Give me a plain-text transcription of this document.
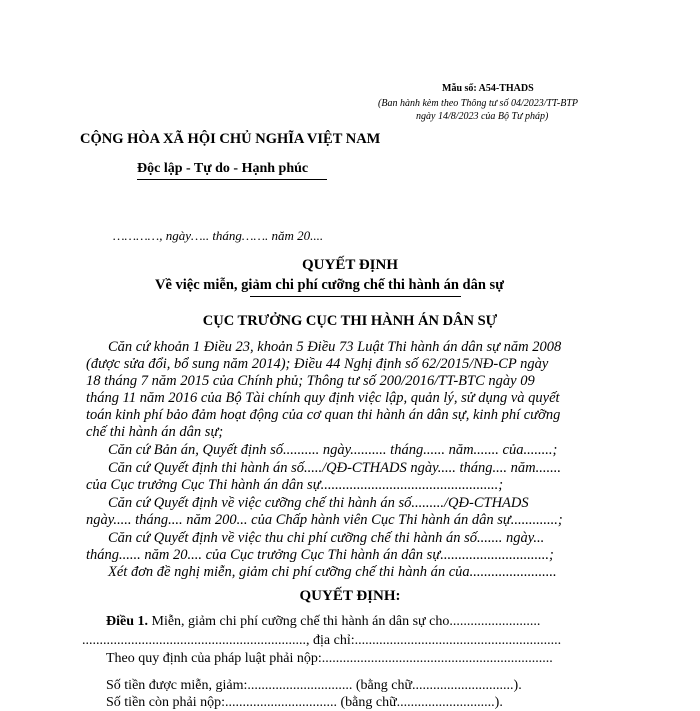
Mẫu số: A54-THADS
(Ban hành kèm theo Thông tư số 04/2023/TT-BTP
ngày 14/8/2023 của Bộ Tư pháp)
CỘNG HÒA XÃ HỘI CHỦ NGHĨA VIỆT NAM
Độc lập - Tự do - Hạnh phúc
…………, ngày….. tháng……. năm 20....
QUYẾT ĐỊNH
Về việc miễn, giảm chi phí cưỡng chế thi hành án dân sự
CỤC TRƯỞNG CỤC THI HÀNH ÁN DÂN SỰ
Căn cứ khoản 1 Điều 23, khoản 5 Điều 73 Luật Thi hành án dân sự năm 2008
(được sửa đổi, bổ sung năm 2014); Điều 44 Nghị định số 62/2015/NĐ-CP ngày
18 tháng 7 năm 2015 của Chính phủ; Thông tư số 200/2016/TT-BTC ngày 09
tháng 11 năm 2016 của Bộ Tài chính quy định việc lập, quản lý, sử dụng và quyết
toán kinh phí bảo đảm hoạt động của cơ quan thi hành án dân sự, kinh phí cưỡng
chế thi hành án dân sự;
Căn cứ Bản án, Quyết định số.......... ngày.......... tháng...... năm....... của........;
Căn cứ Quyết định thi hành án số...../QĐ-CTHADS ngày..... tháng.... năm.......
của Cục trưởng Cục Thi hành án dân sự.................................................;
Căn cứ Quyết định về việc cưỡng chế thi hành án số........./QĐ-CTHADS
ngày..... tháng.... năm 200... của Chấp hành viên Cục Thi hành án dân sự.............;
Căn cứ Quyết định về việc thu chi phí cưỡng chế thi hành án số....... ngày...
tháng...... năm 20.... của Cục trưởng Cục Thi hành án dân sự..............................;
Xét đơn đề nghị miễn, giảm chi phí cưỡng chế thi hành án của........................
QUYẾT ĐỊNH:
Điều 1. Miễn, giảm chi phí cưỡng chế thi hành án dân sự cho..........................
................................................................, địa chỉ:...........................................................
Theo quy định của pháp luật phải nộp:..................................................................
Số tiền được miễn, giảm:.............................. (bằng chữ.............................).
Số tiền còn phải nộp:................................ (bằng chữ............................).
